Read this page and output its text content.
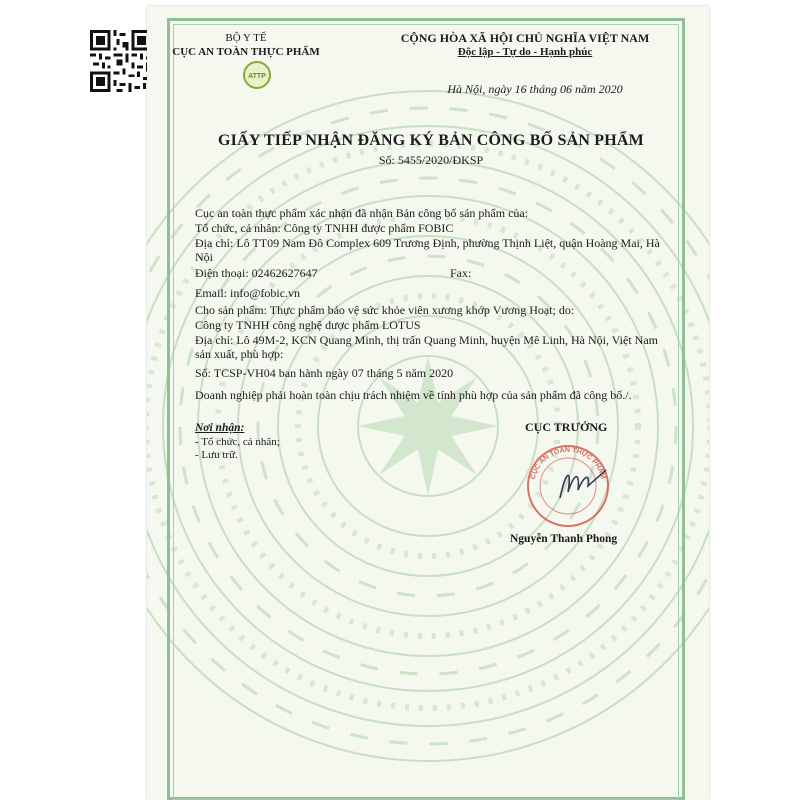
BỘ Y TẾ
CỤC AN TOÀN THỰC PHẨM
ATTP
CỘNG HÒA XÃ HỘI CHỦ NGHĨA VIỆT NAM
Độc lập - Tự do - Hạnh phúc
Hà Nội, ngày 16 tháng 06 năm 2020
GIẤY TIẾP NHẬN ĐĂNG KÝ BẢN CÔNG BỐ SẢN PHẨM
Số: 5455/2020/ĐKSP
Cục an toàn thực phẩm xác nhận đã nhận Bản công bố sản phẩm của:
Tổ chức, cá nhân: Công ty TNHH dược phẩm FOBIC
Địa chỉ: Lô TT09 Nam Đô Complex 609 Trương Định, phường Thịnh Liệt, quận Hoàng Mai, Hà Nội
Điện thoại: 02462627647	Fax:
Email: info@fobic.vn
Cho sản phẩm: Thực phẩm bảo vệ sức khỏe viên xương khớp Vương Hoạt; do:
Công ty TNHH công nghệ dược phẩm LOTUS
Địa chỉ: Lô 49M-2, KCN Quang Minh, thị trấn Quang Minh, huyện Mê Linh, Hà Nội, Việt Nam sản xuất, phù hợp:
Số: TCSP-VH04 ban hành ngày 07 tháng 5 năm 2020
Doanh nghiệp phải hoàn toàn chịu trách nhiệm về tính phù hợp của sản phẩm đã công bố./.
Nơi nhận:
- Tổ chức, cá nhân;
- Lưu trữ.
CỤC TRƯỞNG
CỤC AN TOÀN THỰC PHẨM
Nguyễn Thanh Phong
